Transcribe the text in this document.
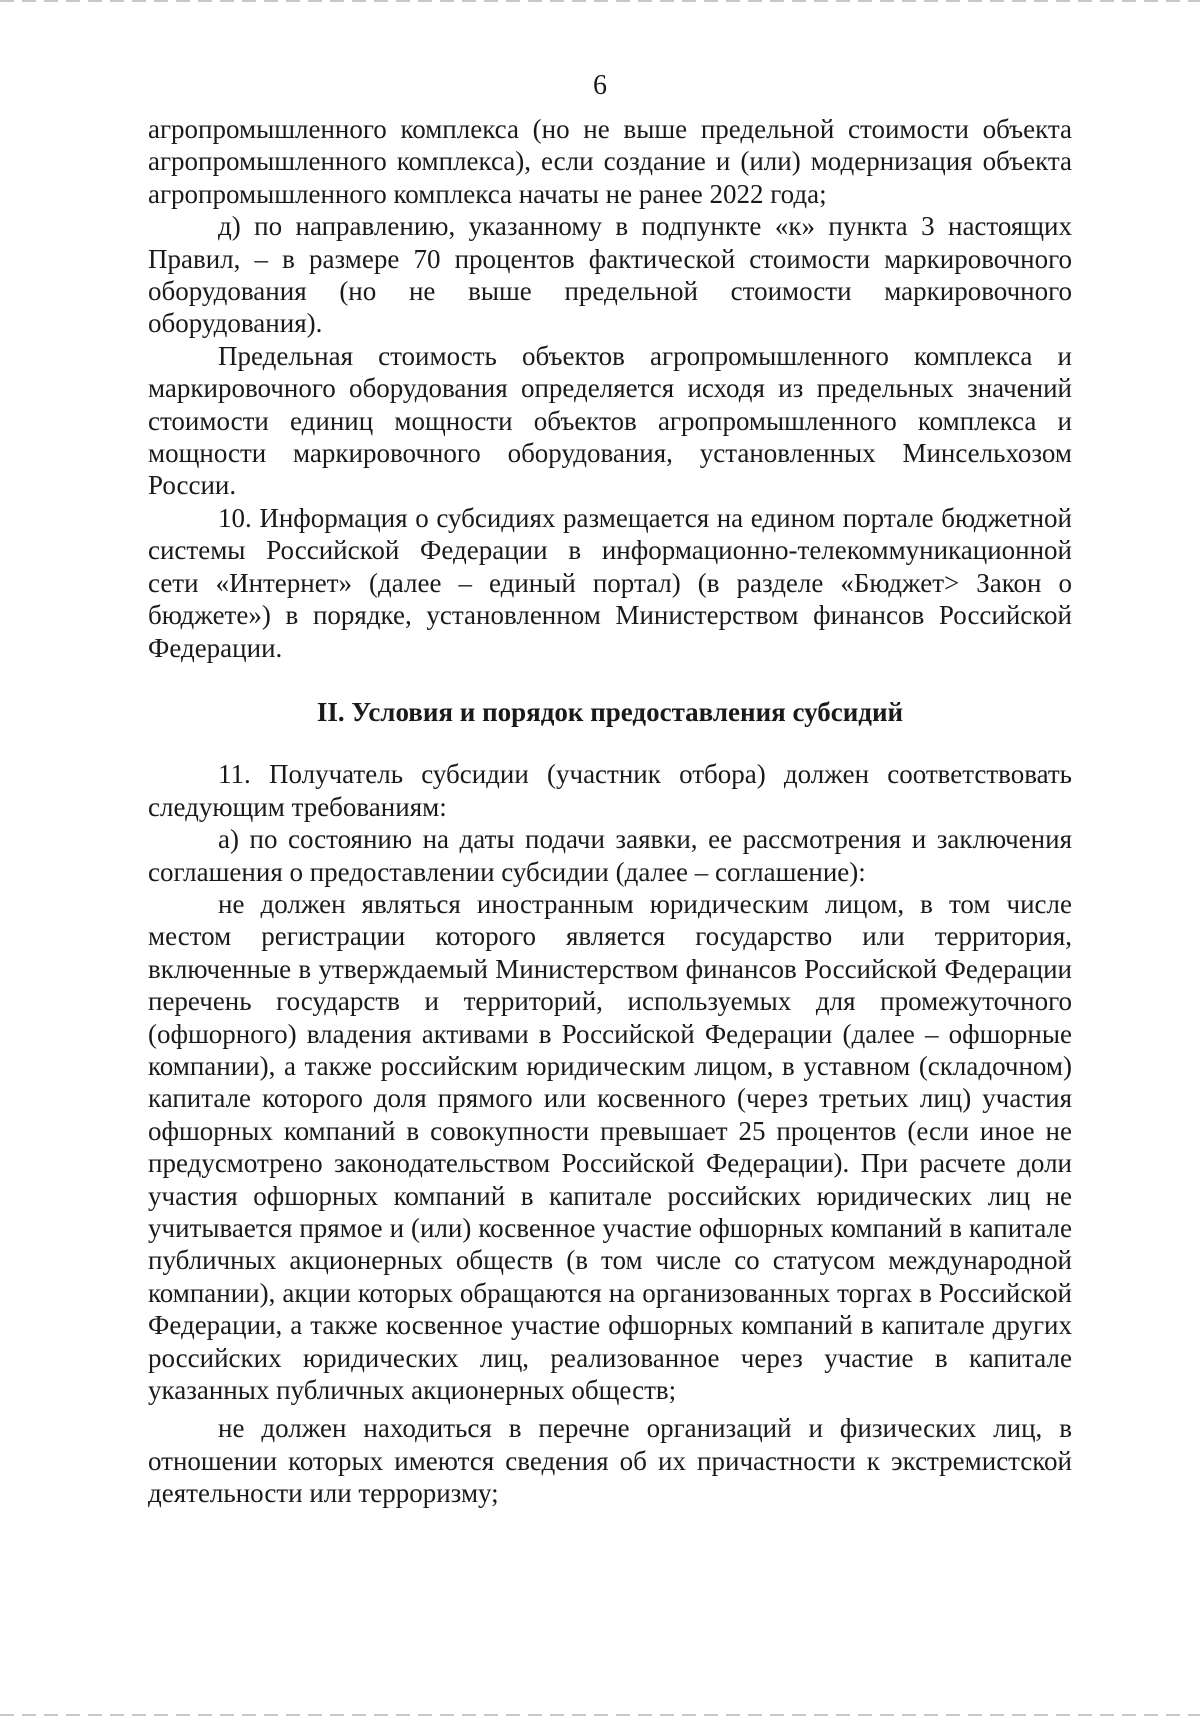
6

агропромышленного комплекса (но не выше предельной стоимости объекта агропромышленного комплекса), если создание и (или) модернизация объекта агропромышленного комплекса начаты не ранее 2022 года;

д) по направлению, указанному в подпункте «к» пункта 3 настоящих Правил, – в размере 70 процентов фактической стоимости маркировочного оборудования (но не выше предельной стоимости маркировочного оборудования).

Предельная стоимость объектов агропромышленного комплекса и маркировочного оборудования определяется исходя из предельных значений стоимости единиц мощности объектов агропромышленного комплекса и мощности маркировочного оборудования, установленных Минсельхозом России.

10. Информация о субсидиях размещается на едином портале бюджетной системы Российской Федерации в информационно-телекоммуникационной сети «Интернет» (далее – единый портал) (в разделе «Бюджет> Закон о бюджете») в порядке, установленном Министерством финансов Российской Федерации.

II. Условия и порядок предоставления субсидий

11. Получатель субсидии (участник отбора) должен соответствовать следующим требованиям:

а) по состоянию на даты подачи заявки, ее рассмотрения и заключения соглашения о предоставлении субсидии (далее – соглашение):

не должен являться иностранным юридическим лицом, в том числе местом регистрации которого является государство или территория, включенные в утверждаемый Министерством финансов Российской Федерации перечень государств и территорий, используемых для промежуточного (офшорного) владения активами в Российской Федерации (далее – офшорные компании), а также российским юридическим лицом, в уставном (складочном) капитале которого доля прямого или косвенного (через третьих лиц) участия офшорных компаний в совокупности превышает 25 процентов (если иное не предусмотрено законодательством Российской Федерации). При расчете доли участия офшорных компаний в капитале российских юридических лиц не учитывается прямое и (или) косвенное участие офшорных компаний в капитале публичных акционерных обществ (в том числе со статусом международной компании), акции которых обращаются на организованных торгах в Российской Федерации, а также косвенное участие офшорных компаний в капитале других российских юридических лиц, реализованное через участие в капитале указанных публичных акционерных обществ;

не должен находиться в перечне организаций и физических лиц, в отношении которых имеются сведения об их причастности к экстремистской деятельности или терроризму;
